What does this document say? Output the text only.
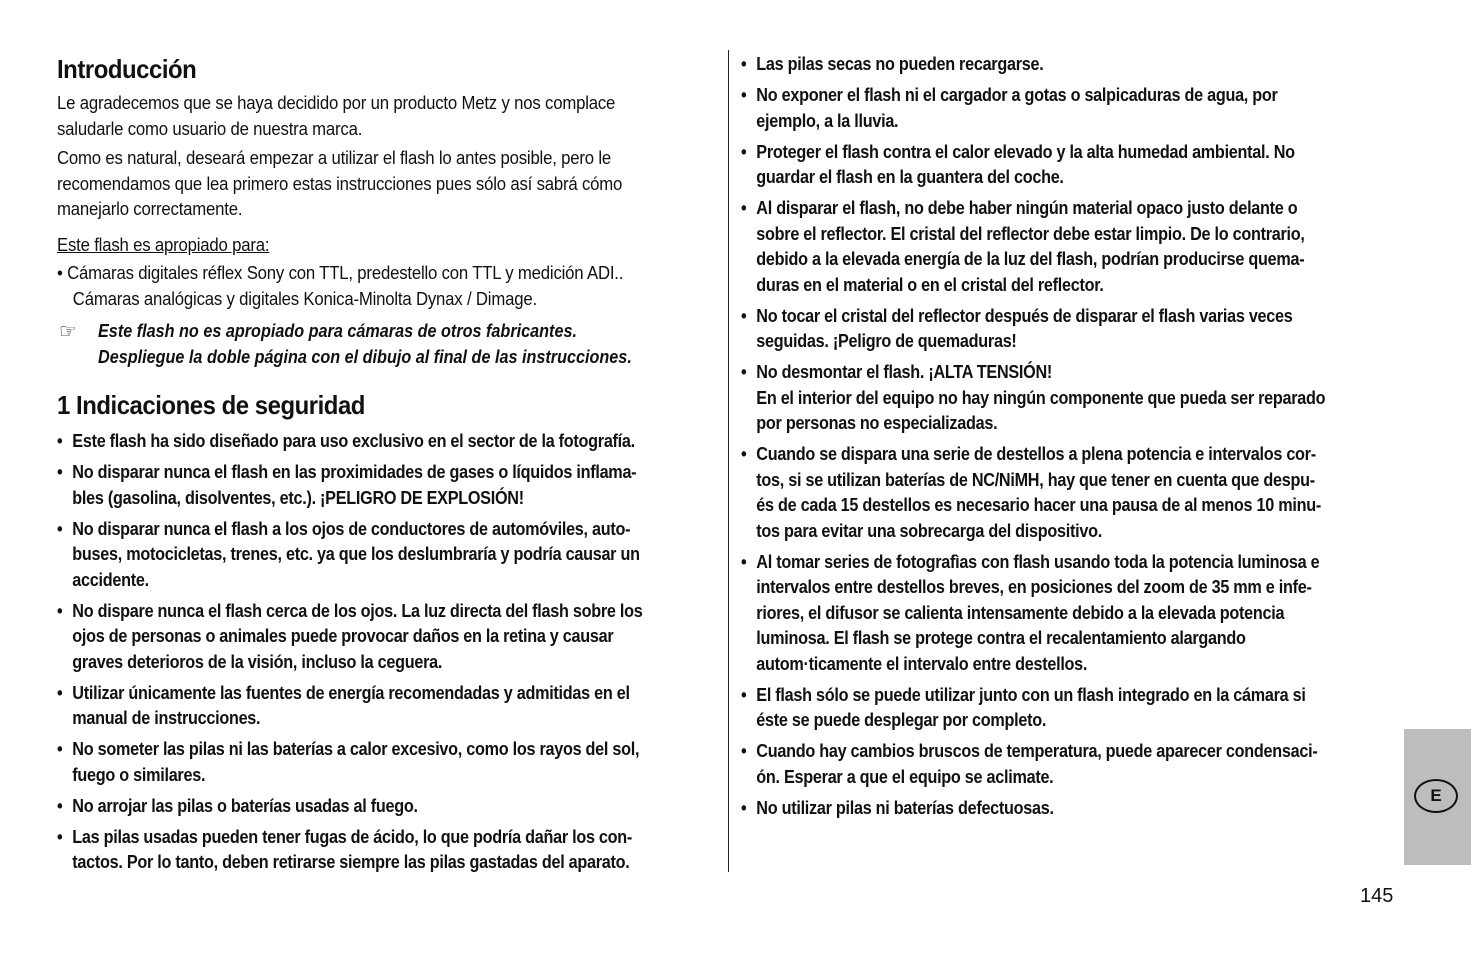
Introducción
Le agradecemos que se haya decidido por un producto Metz y nos complace
saludarle como usuario de nuestra marca.
Como es natural, deseará empezar a utilizar el flash lo antes posible, pero le
recomendamos que lea primero estas instrucciones pues sólo así sabrá cómo
manejarlo correctamente.
Este flash es apropiado para:
• Cámaras digitales réflex Sony con TTL, predestello con TTL y medición ADI..
Cámaras analógicas y digitales Konica-Minolta Dynax / Dimage.
☞ Este flash no es apropiado para cámaras de otros fabricantes.
Despliegue la doble página con el dibujo al final de las instrucciones.
1 Indicaciones de seguridad
• Este flash ha sido diseñado para uso exclusivo en el sector de la fotografía.
• No disparar nunca el flash en las proximidades de gases o líquidos inflama-
bles (gasolina, disolventes, etc.). ¡PELIGRO DE EXPLOSIÓN!
• No disparar nunca el flash a los ojos de conductores de automóviles, auto-
buses, motocicletas, trenes, etc. ya que los deslumbraría y podría causar un
accidente.
• No dispare nunca el flash cerca de los ojos. La luz directa del flash sobre los
ojos de personas o animales puede provocar daños en la retina y causar
graves deterioros de la visión, incluso la ceguera.
• Utilizar únicamente las fuentes de energía recomendadas y admitidas en el
manual de instrucciones.
• No someter las pilas ni las baterías a calor excesivo, como los rayos del sol,
fuego o similares.
• No arrojar las pilas o baterías usadas al fuego.
• Las pilas usadas pueden tener fugas de ácido, lo que podría dañar los con-
tactos. Por lo tanto, deben retirarse siempre las pilas gastadas del aparato.
• Las pilas secas no pueden recargarse.
• No exponer el flash ni el cargador a gotas o salpicaduras de agua, por
ejemplo, a la lluvia.
• Proteger el flash contra el calor elevado y la alta humedad ambiental. No
guardar el flash en la guantera del coche.
• Al disparar el flash, no debe haber ningún material opaco justo delante o
sobre el reflector. El cristal del reflector debe estar limpio. De lo contrario,
debido a la elevada energía de la luz del flash, podrían producirse quema-
duras en el material o en el cristal del reflector.
• No tocar el cristal del reflector después de disparar el flash varias veces
seguidas. ¡Peligro de quemaduras!
• No desmontar el flash. ¡ALTA TENSIÓN!
En el interior del equipo no hay ningún componente que pueda ser reparado
por personas no especializadas.
• Cuando se dispara una serie de destellos a plena potencia e intervalos cor-
tos, si se utilizan baterías de NC/NiMH, hay que tener en cuenta que despu-
és de cada 15 destellos es necesario hacer una pausa de al menos 10 minu-
tos para evitar una sobrecarga del dispositivo.
• Al tomar series de fotografìas con flash usando toda la potencia luminosa e
intervalos entre destellos breves, en posiciones del zoom de 35 mm e infe-
riores, el difusor se calienta intensamente debido a la elevada potencia
luminosa. El flash se protege contra el recalentamiento alargando
autom·ticamente el intervalo entre destellos.
• El flash sólo se puede utilizar junto con un flash integrado en la cámara si
éste se puede desplegar por completo.
• Cuando hay cambios bruscos de temperatura, puede aparecer condensaci-
ón. Esperar a que el equipo se aclimate.
• No utilizar pilas ni baterías defectuosas.
E
145
